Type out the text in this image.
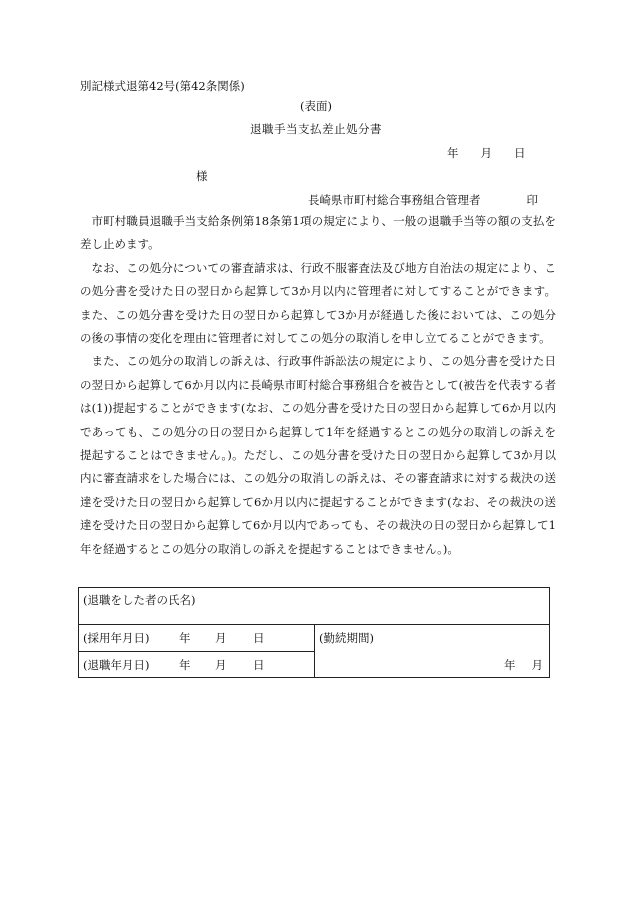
別記様式退第42号(第42条関係)
(表面)
退職手当支払差止処分書
年 月 日
様
長崎県市町村総合事務組合管理者	印

市町村職員退職手当支給条例第18条第1項の規定により、一般の退職手当等の額の支払を差し止めます。

なお、この処分についての審査請求は、行政不服審査法及び地方自治法の規定により、この処分書を受けた日の翌日から起算して3か月以内に管理者に対してすることができます。また、この処分書を受けた日の翌日から起算して3か月が経過した後においては、この処分の後の事情の変化を理由に管理者に対してこの処分の取消しを申し立てることができます。

また、この処分の取消しの訴えは、行政事件訴訟法の規定により、この処分書を受けた日の翌日から起算して6か月以内に長崎県市町村総合事務組合を被告として(被告を代表する者は(1))提起することができます(なお、この処分書を受けた日の翌日から起算して6か月以内であっても、この処分の日の翌日から起算して1年を経過するとこの処分の取消しの訴えを提起することはできません。)。ただし、この処分書を受けた日の翌日から起算して3か月以内に審査請求をした場合には、この処分の取消しの訴えは、その審査請求に対する裁決の送達を受けた日の翌日から起算して6か月以内に提起することができます(なお、その裁決の送達を受けた日の翌日から起算して6か月以内であっても、その裁決の日の翌日から起算して1年を経過するとこの処分の取消しの訴えを提起することはできません。)。

(退職をした者の氏名)
(採用年月日)	年	月	日
(退職年月日)	年	月	日
(勤続期間)
年 月
